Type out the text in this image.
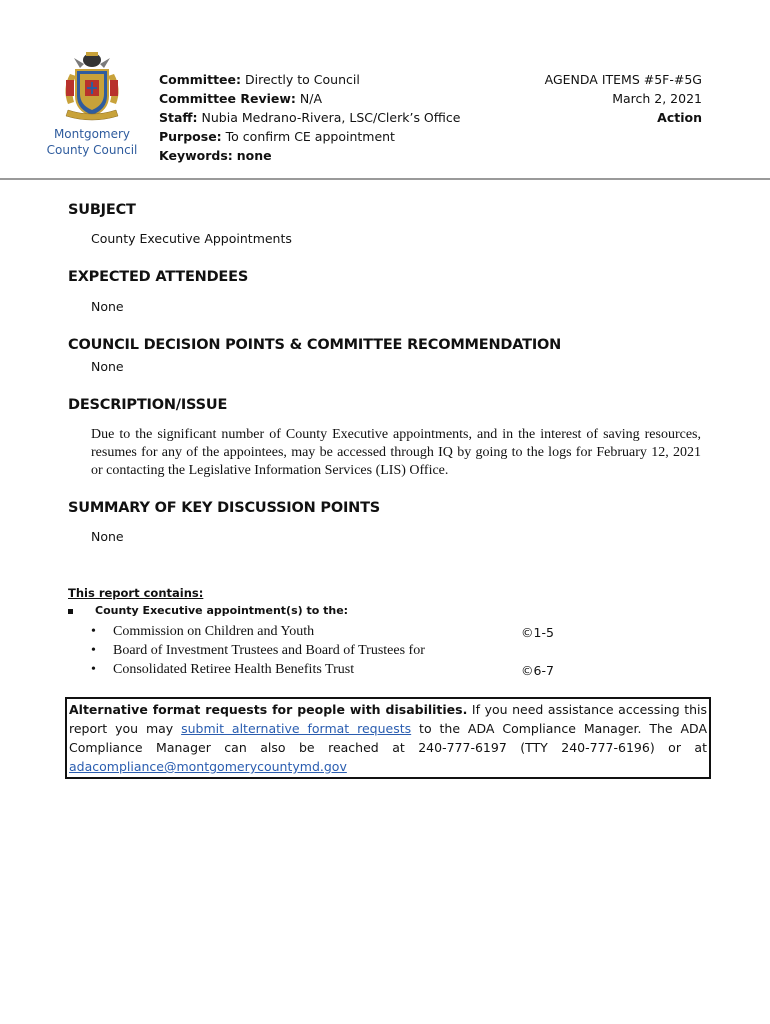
Montgomery
County Council
Committee: Directly to Council
Committee Review: N/A
Staff: Nubia Medrano-Rivera, LSC/Clerk’s Office
Purpose: To confirm CE appointment
Keywords: none
AGENDA ITEMS #5F-#5G
March 2, 2021
Action
SUBJECT
County Executive Appointments
EXPECTED ATTENDEES
None
COUNCIL DECISION POINTS & COMMITTEE RECOMMENDATION
None
DESCRIPTION/ISSUE
Due to the significant number of County Executive appointments, and in the interest of saving resources, resumes for any of the appointees, may be accessed through IQ by going to the logs for February 12, 2021 or contacting the Legislative Information Services (LIS) Office.
SUMMARY OF KEY DISCUSSION POINTS
None
This report contains:
County Executive appointment(s) to the:
• Commission on Children and Youth
• Board of Investment Trustees and Board of Trustees for
• Consolidated Retiree Health Benefits Trust
©1-5
©6-7
Alternative format requests for people with disabilities. If you need assistance accessing this report you may submit alternative format requests to the ADA Compliance Manager. The ADA Compliance Manager can also be reached at 240-777-6197 (TTY 240-777-6196) or at adacompliance@montgomerycountymd.gov
